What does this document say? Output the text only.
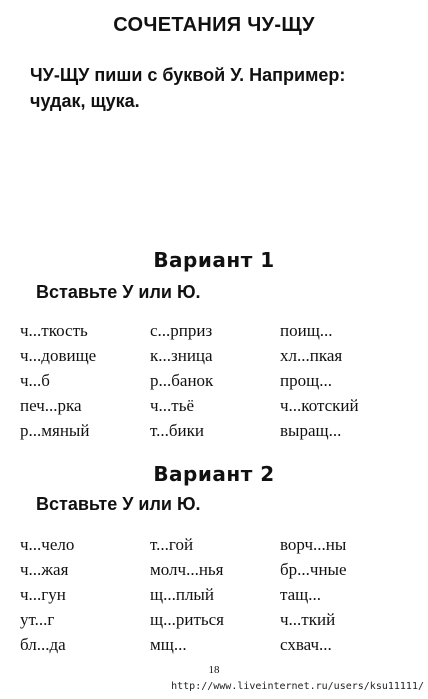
СОЧЕТАНИЯ ЧУ-ЩУ
ЧУ-ЩУ пиши с буквой У. Например:
чудак, щука.
Вариант 1
Вставьте У или Ю.
ч...ткость	с...рприз	поищ...
ч...довище	к...зница	хл...пкая
ч...б	р...банок	прощ...
печ...рка	ч...тьё	ч...котский
р...мяный	т...бики	выращ...
Вариант 2
Вставьте У или Ю.
ч...чело	т...гой	ворч...ны
ч...жая	молч...нья	бр...чные
ч...гун	щ...плый	тащ...
ут...г	щ...риться	ч...ткий
бл...да	мщ...	схвач...
18
http://www.liveinternet.ru/users/ksu11111/
